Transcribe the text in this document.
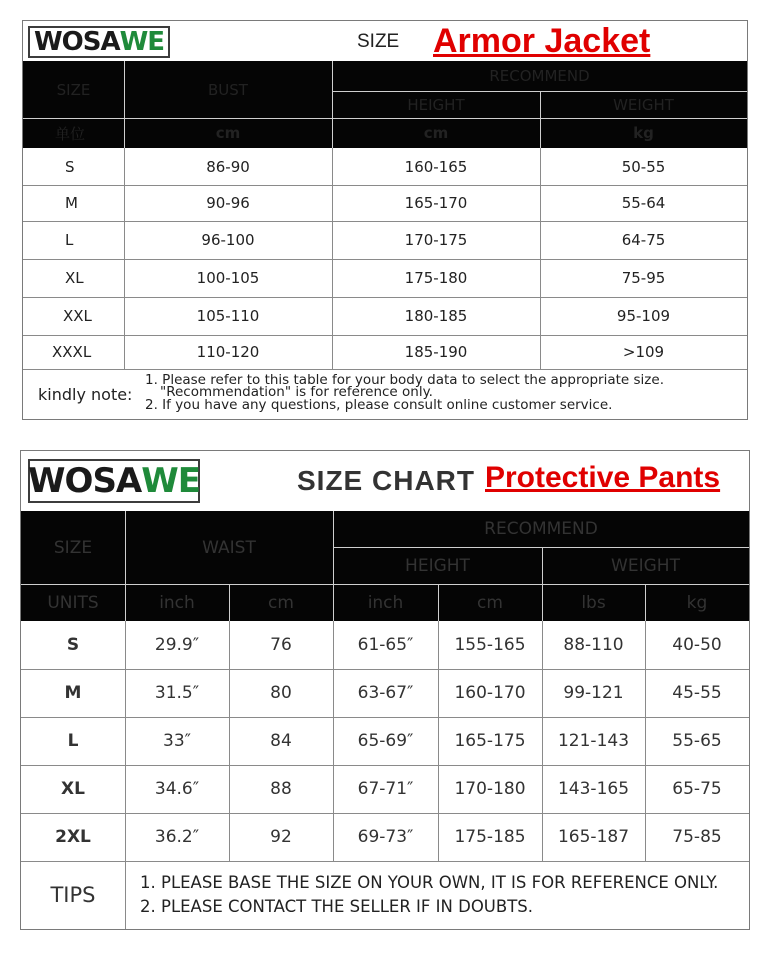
WOSA WE	SIZE Armor Jacket
SIZE	BUST
RECOMMEND
HEIGHT	WEIGHT
单位	cm	cm	kg
S	86-90	160-165	50-55
M	90-96	165-170	55-64
L	96-100	170-175	64-75
XL	100-105	175-180	75-95
XXL	105-110	180-185	95-109
XXXL	110-120	185-190	>109
kindly note:
1. Please refer to this table for your body data to select the appropriate size.
"Recommendation" is for reference only.
2. If you have any questions, please consult online customer service.
WOSA WE	SIZE CHART Protective Pants
SIZE	WAIST
RECOMMEND
HEIGHT	WEIGHT
UNITS	inch	cm	inch	cm	lbs	kg
S	29.9″	76	61-65″	155-165	88-110	40-50
M	31.5″	80	63-67″	160-170	99-121	45-55
L	33″	84	65-69″	165-175	121-143	55-65
XL	34.6″	88	67-71″	170-180	143-165	65-75
2XL	36.2″	92	69-73″	175-185	165-187	75-85
TIPS
1. PLEASE BASE THE SIZE ON YOUR OWN, IT IS FOR REFERENCE ONLY.
2. PLEASE CONTACT THE SELLER IF IN DOUBTS.
